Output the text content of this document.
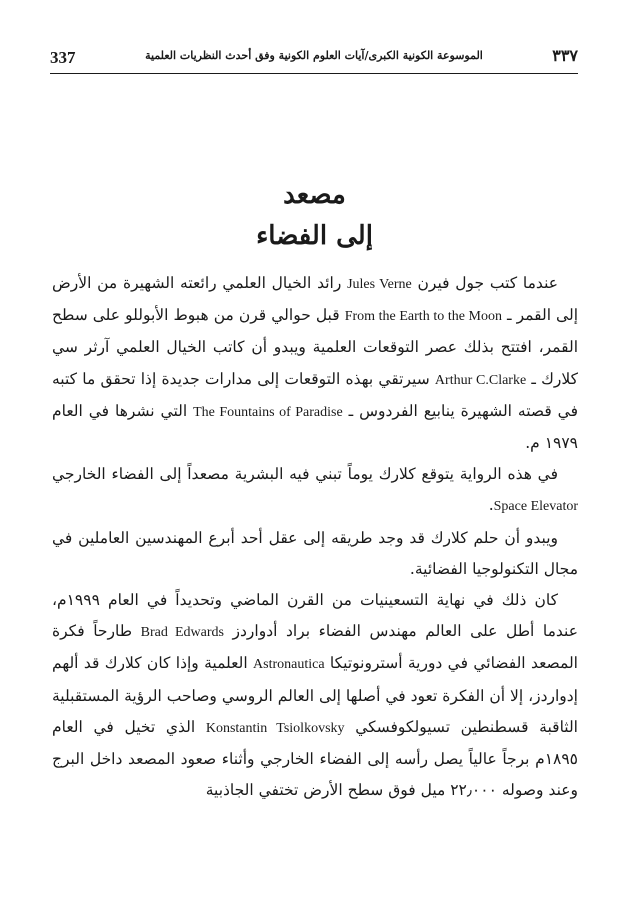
337	الموسوعة الكونية الكبرى/آيات العلوم الكونية وفق أحدث النظريات العلمية	٣٣٧
مصعد
إلى الفضاء

عندما كتب جول فيرن Jules Verne رائد الخيال العلمي رائعته الشهيرة من الأرض إلى القمر ـ From the Earth to the Moon قبل حوالي قرن من هبوط الأبوللو على سطح القمر، افتتح بذلك عصر التوقعات العلمية ويبدو أن كاتب الخيال العلمي آرثر سي كلارك ـ Arthur C.Clarke سيرتقي بهذه التوقعات إلى مدارات جديدة إذا تحقق ما كتبه في قصته الشهيرة ينابيع الفردوس ـ The Fountains of Paradise التي نشرها في العام ١٩٧٩ م.

في هذه الرواية يتوقع كلارك يوماً تبني فيه البشرية مصعداً إلى الفضاء الخارجي Space Elevator.

ويبدو أن حلم كلارك قد وجد طريقه إلى عقل أحد أبرع المهندسين العاملين في مجال التكنولوجيا الفضائية.

كان ذلك في نهاية التسعينيات من القرن الماضي وتحديداً في العام ١٩٩٩م، عندما أطل على العالم مهندس الفضاء براد أدواردز Brad Edwards طارحاً فكرة المصعد الفضائي في دورية أسترونوتيكا Astronautica العلمية وإذا كان كلارك قد ألهم إدواردز، إلا أن الفكرة تعود في أصلها إلى العالم الروسي وصاحب الرؤية المستقبلية الثاقبة قسطنطين تسيولكوفسكي Konstantin Tsiolkovsky الذي تخيل في العام ١٨٩٥م برجاً عالياً يصل رأسه إلى الفضاء الخارجي وأثناء صعود المصعد داخل البرج وعند وصوله ٢٢٫٠٠٠ ميل فوق سطح الأرض تختفي الجاذبية
